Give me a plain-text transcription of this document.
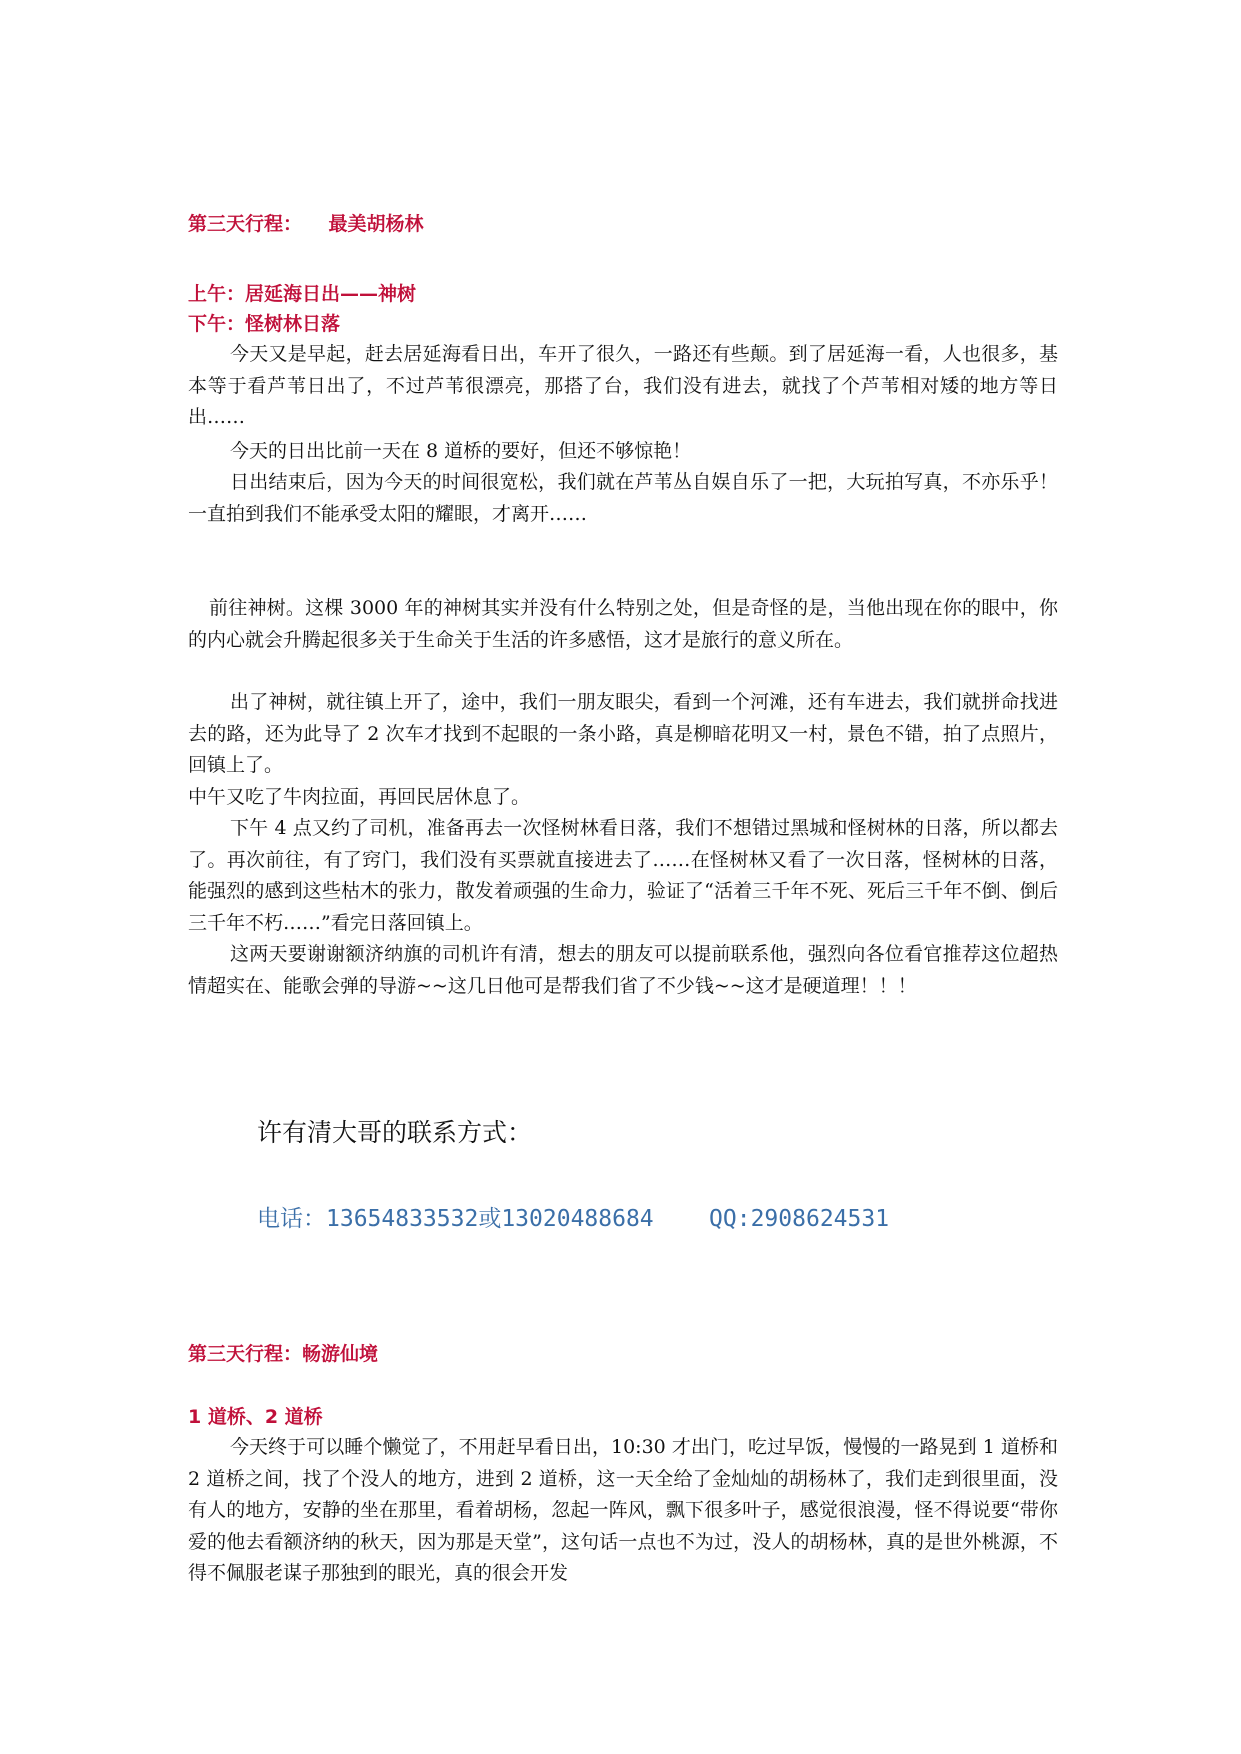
第三天行程：    最美胡杨林
上午：居延海日出——神树
下午：怪树林日落

今天又是早起，赶去居延海看日出，车开了很久，一路还有些颠。到了居延海一看，人也很多，基本等于看芦苇日出了，不过芦苇很漂亮，那搭了台，我们没有进去，就找了个芦苇相对矮的地方等日出……

今天的日出比前一天在 8 道桥的要好，但还不够惊艳！

日出结束后，因为今天的时间很宽松，我们就在芦苇丛自娱自乐了一把，大玩拍写真，不亦乐乎！一直拍到我们不能承受太阳的耀眼，才离开……

前往神树。这棵 3000 年的神树其实并没有什么特别之处，但是奇怪的是，当他出现在你的眼中，你的内心就会升腾起很多关于生命关于生活的许多感悟，这才是旅行的意义所在。

出了神树，就往镇上开了，途中，我们一朋友眼尖，看到一个河滩，还有车进去，我们就拼命找进去的路，还为此导了 2 次车才找到不起眼的一条小路，真是柳暗花明又一村，景色不错，拍了点照片，回镇上了。

中午又吃了牛肉拉面，再回民居休息了。

下午 4 点又约了司机，准备再去一次怪树林看日落，我们不想错过黑城和怪树林的日落，所以都去了。再次前往，有了窍门，我们没有买票就直接进去了……在怪树林又看了一次日落，怪树林的日落，能强烈的感到这些枯木的张力，散发着顽强的生命力，验证了“活着三千年不死、死后三千年不倒、倒后三千年不朽……”看完日落回镇上。

这两天要谢谢额济纳旗的司机许有清，想去的朋友可以提前联系他，强烈向各位看官推荐这位超热情超实在、能歌会弹的导游~~这几日他可是帮我们省了不少钱~~这才是硬道理！！！

许有清大哥的联系方式：
电话：13654833532或13020488684 QQ:2908624531
第三天行程：畅游仙境
1 道桥、2 道桥

今天终于可以睡个懒觉了，不用赶早看日出，10:30 才出门，吃过早饭，慢慢的一路晃到 1 道桥和 2 道桥之间，找了个没人的地方，进到 2 道桥，这一天全给了金灿灿的胡杨林了，我们走到很里面，没有人的地方，安静的坐在那里，看着胡杨，忽起一阵风，飘下很多叶子，感觉很浪漫，怪不得说要“带你爱的他去看额济纳的秋天，因为那是天堂”，这句话一点也不为过，没人的胡杨林，真的是世外桃源，不得不佩服老谋子那独到的眼光，真的很会开发
